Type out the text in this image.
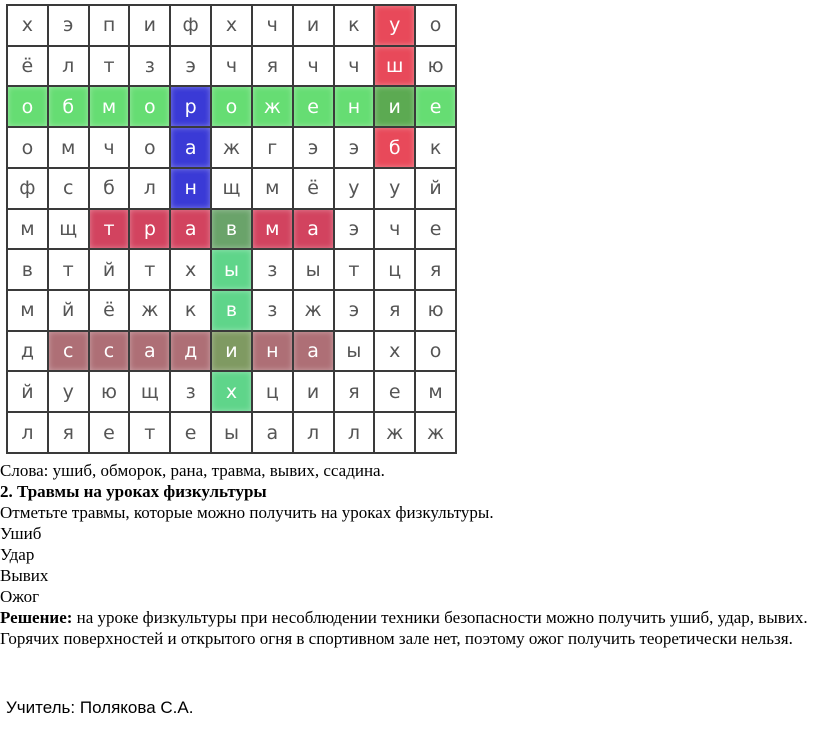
х	э	п	и	ф	х	ч	и	к	у	о
ё	л	т	з	э	ч	я	ч	ч	ш	ю
о	б	м	о	р	о	ж	е	н	и	е
о	м	ч	о	а	ж	г	э	э	б	к
ф	с	б	л	н	щ	м	ё	у	у	й
м	щ	т	р	а	в	м	а	э	ч	е
в	т	й	т	х	ы	з	ы	т	ц	я
м	й	ё	ж	к	в	з	ж	э	я	ю
д	с	с	а	д	и	н	а	ы	х	о
й	у	ю	щ	з	х	ц	и	я	е	м
л	я	е	т	е	ы	а	л	л	ж	ж

Слова: ушиб, обморок, рана, травма, вывих, ссадина.

2. Травмы на уроках физкультуры

Отметьте травмы, которые можно получить на уроках физкультуры.

Ушиб

Удар

Вывих

Ожог

Решение: на уроке физкультуры при несоблюдении техники безопасности можно получить ушиб, удар, вывих. Горячих поверхностей и открытого огня в спортивном зале нет, поэтому ожог получить теоретически нельзя.

Учитель: Полякова С.А.
